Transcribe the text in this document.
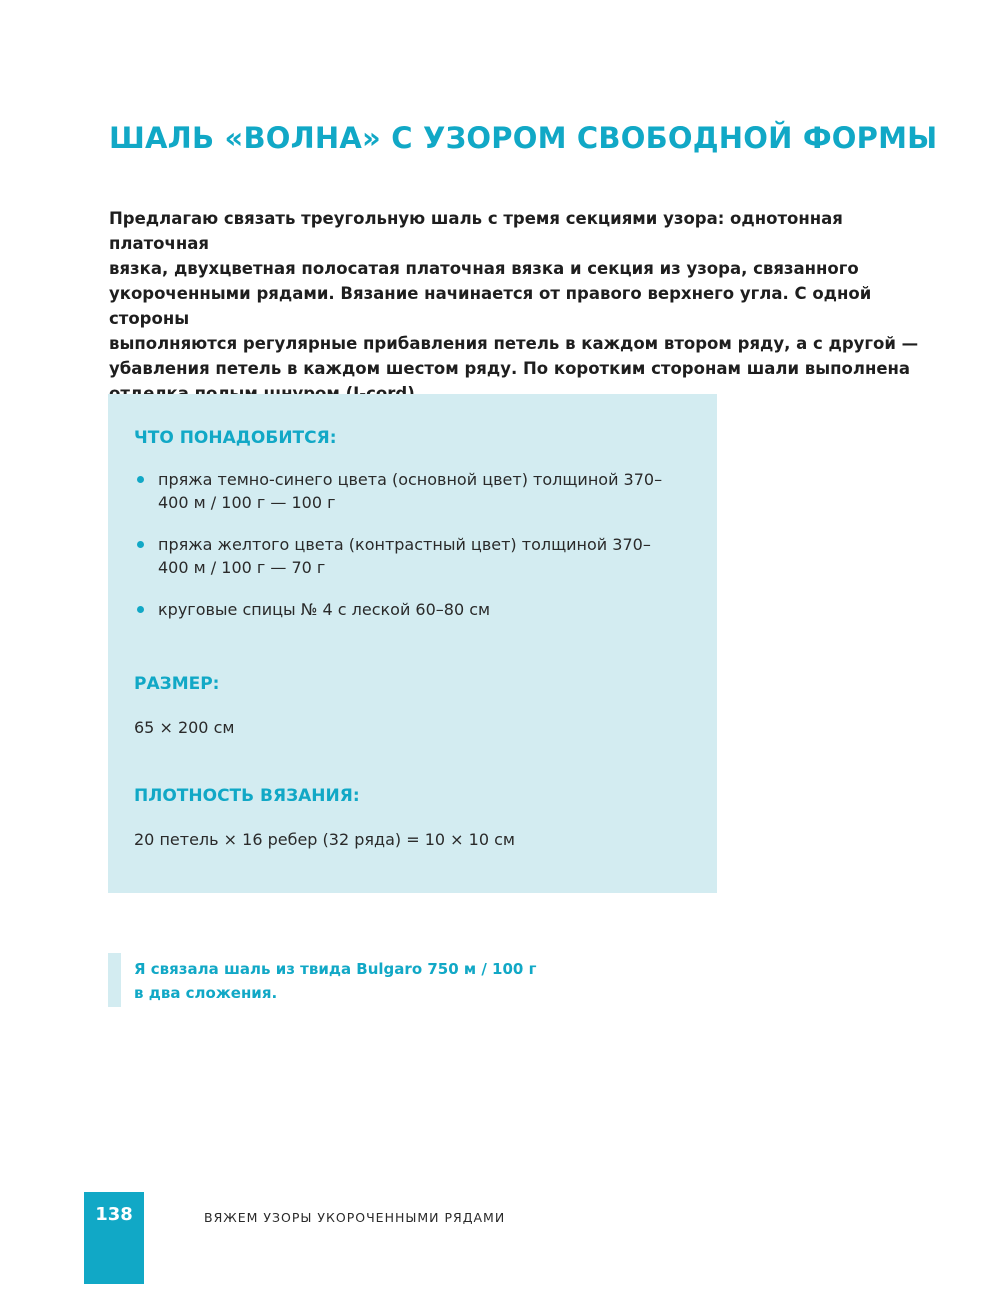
ШАЛЬ «ВОЛНА» С УЗОРОМ СВОБОДНОЙ ФОРМЫ

Предлагаю связать треугольную шаль с тремя секциями узора: однотонная платочная
вязка, двухцветная полосатая платочная вязка и секция из узора, связанного
укороченными рядами. Вязание начинается от правого верхнего угла. С одной стороны
выполняются регулярные прибавления петель в каждом втором ряду, а с другой —
убавления петель в каждом шестом ряду. По коротким сторонам шали выполнена

ЧТО ПОНАДОБИТСЯ:
пряжа темно-синего цвета (основной цвет) толщиной 370–
400 м / 100 г — 100 г
пряжа желтого цвета (контрастный цвет) толщиной 370–
400 м / 100 г — 70 г
круговые спицы № 4 с леской 60–80 см
РАЗМЕР:

65 × 200 см

ПЛОТНОСТЬ ВЯЗАНИЯ:

20 петель × 16 ребер (32 ряда) = 10 × 10 см

Я связала шаль из твида Bulgaro 750 м / 100 г
в два сложения.

138	ВЯЖЕМ УЗОРЫ УКОРОЧЕННЫМИ РЯДАМИ
